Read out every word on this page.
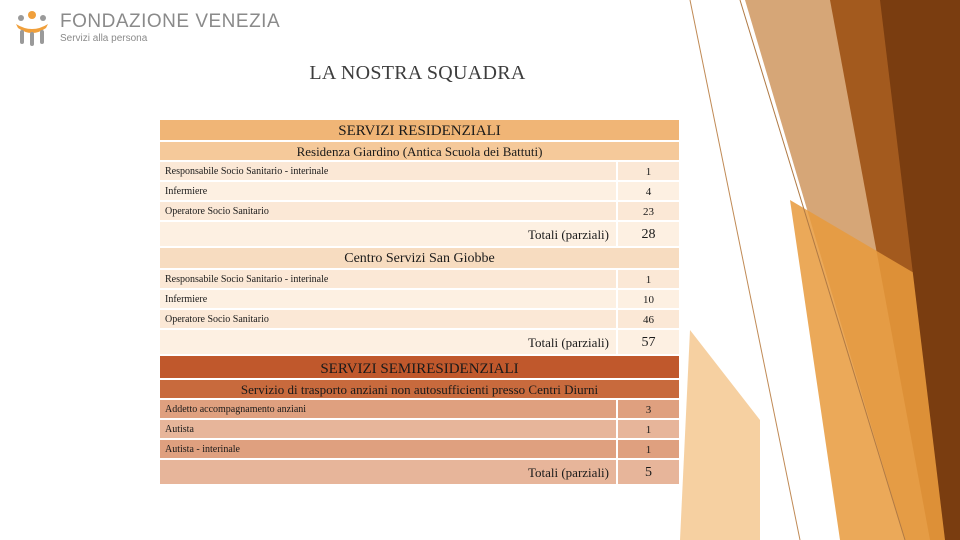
FONDAZIONE VENEZIA
Servizi alla persona
LA NOSTRA SQUADRA
SERVIZI RESIDENZIALI
Residenza Giardino (Antica Scuola dei Battuti)
Responsabile Socio Sanitario - interinale	1
Infermiere	4
Operatore Socio Sanitario	23
Totali (parziali)	28
Centro Servizi San Giobbe
Responsabile Socio Sanitario - interinale	1
Infermiere	10
Operatore Socio Sanitario	46
Totali (parziali)	57
SERVIZI SEMIRESIDENZIALI
Servizio di trasporto anziani non autosufficienti presso Centri Diurni
Addetto accompagnamento anziani	3
Autista	1
Autista - interinale	1
Totali (parziali)	5
